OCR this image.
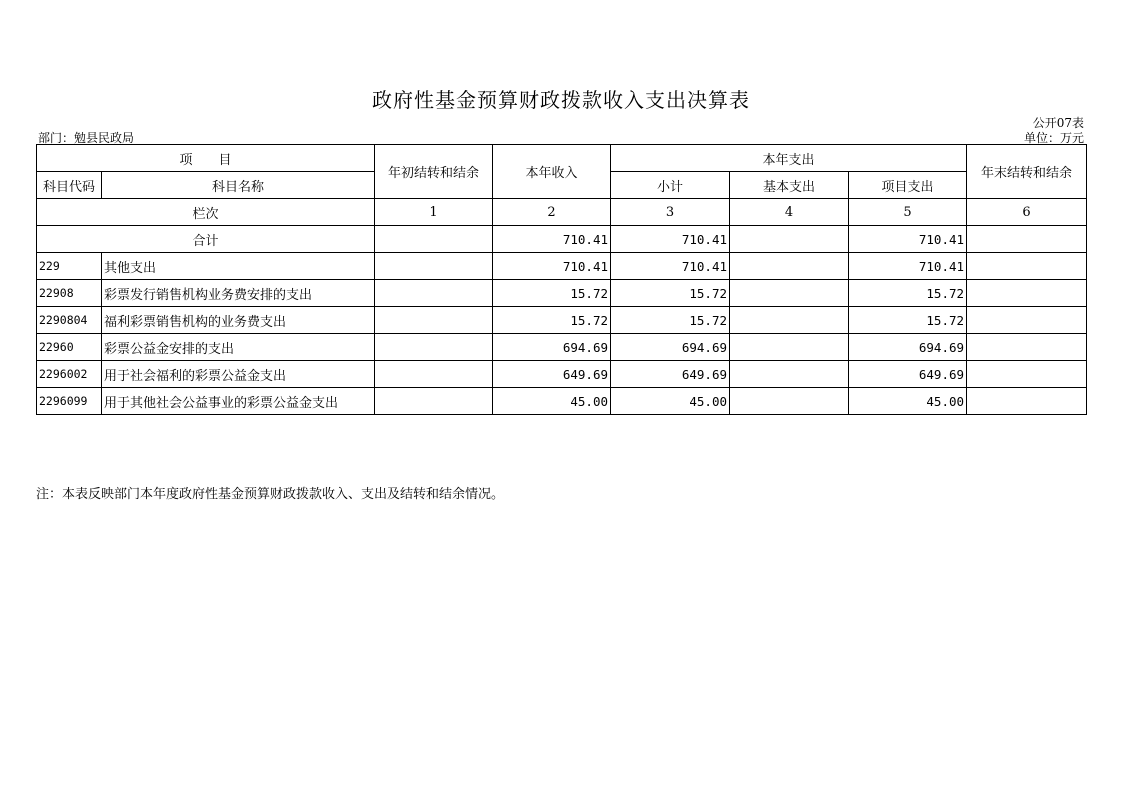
政府性基金预算财政拨款收入支出决算表
公开07表
部门：勉县民政局	单位：万元
项　　目		年初结转和结余	本年收入	本年支出			年末结转和结余
科目代码	科目名称			小计	基本支出	项目支出	
栏次		1	2	3	4	5	6
合计			710.41	710.41		710.41	
229	其他支出		710.41	710.41		710.41	
22908	彩票发行销售机构业务费安排的支出		15.72	15.72		15.72	
2290804	福利彩票销售机构的业务费支出		15.72	15.72		15.72	
22960	彩票公益金安排的支出		694.69	694.69		694.69	
2296002	用于社会福利的彩票公益金支出		649.69	649.69		649.69	
2296099	用于其他社会公益事业的彩票公益金支出		45.00	45.00		45.00	
注：本表反映部门本年度政府性基金预算财政拨款收入、支出及结转和结余情况。
